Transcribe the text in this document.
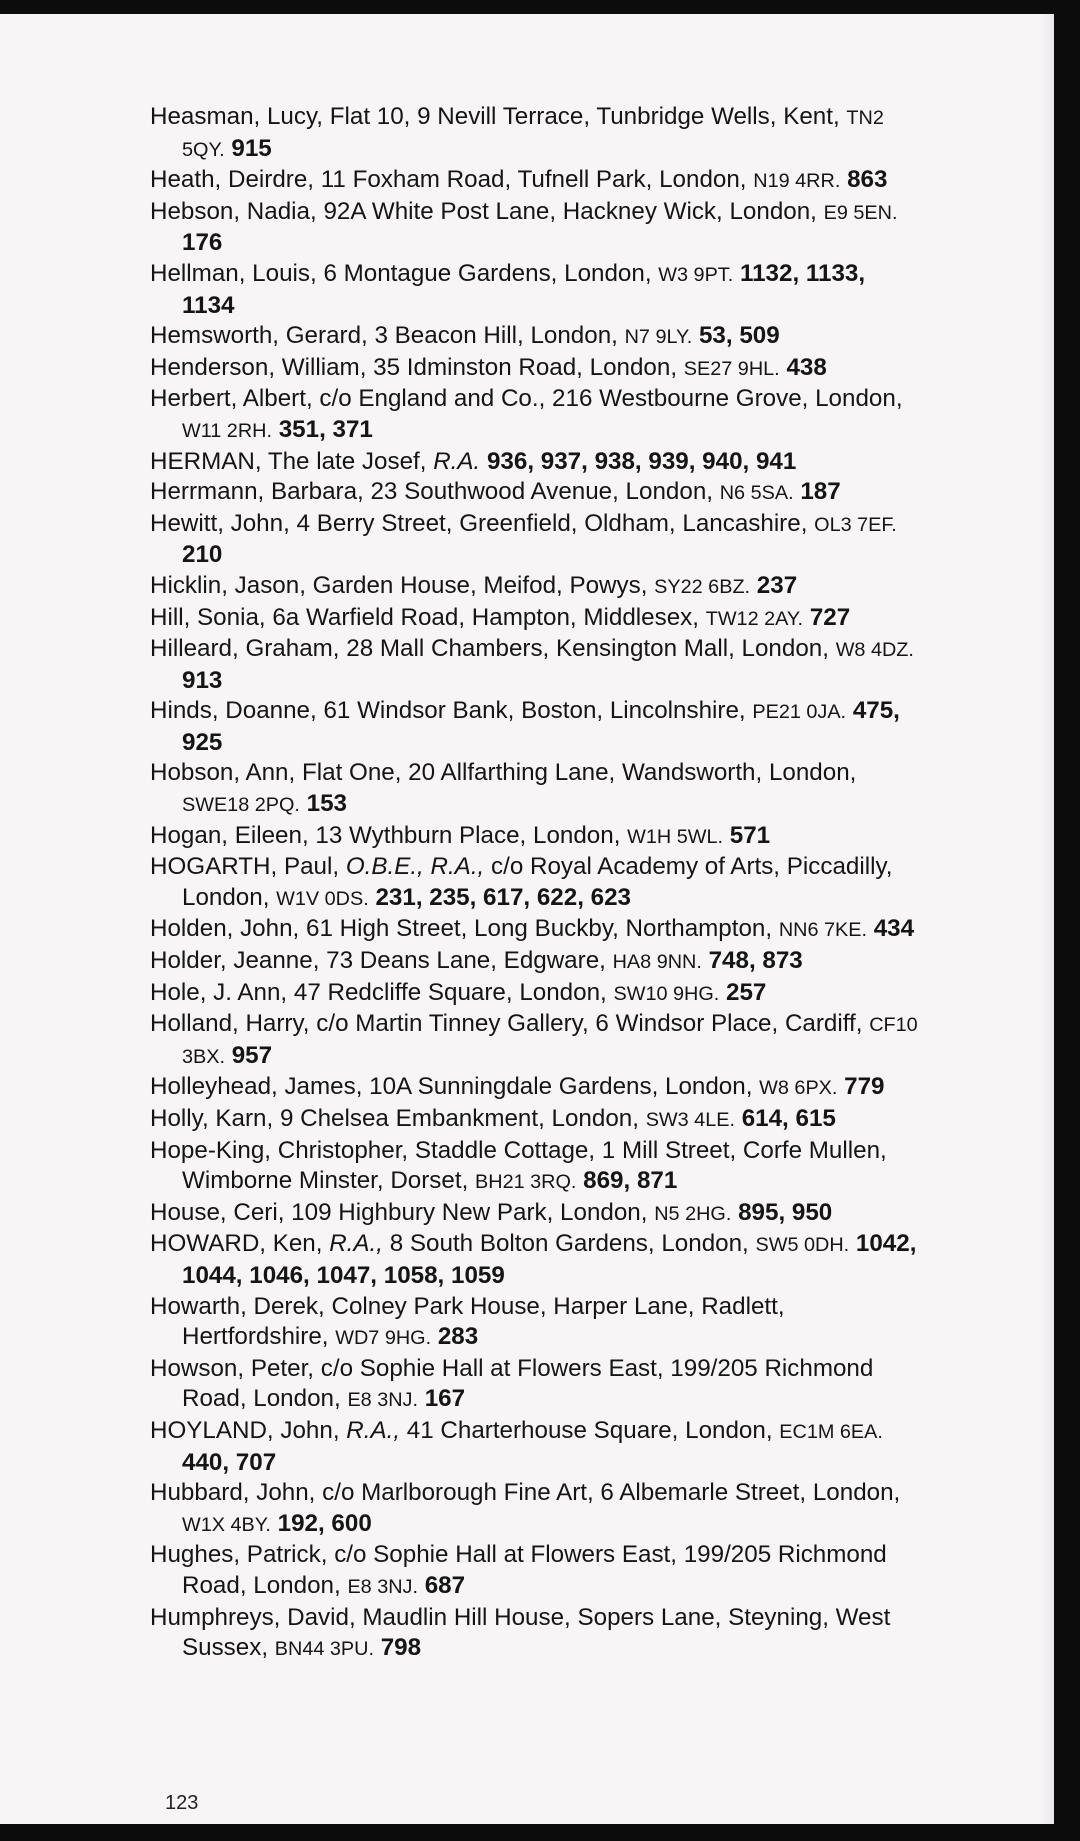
Heasman, Lucy, Flat 10, 9 Nevill Terrace, Tunbridge Wells, Kent, TN2 5QY. 915
Heath, Deirdre, 11 Foxham Road, Tufnell Park, London, N19 4RR. 863
Hebson, Nadia, 92A White Post Lane, Hackney Wick, London, E9 5EN. 176
Hellman, Louis, 6 Montague Gardens, London, W3 9PT. 1132, 1133, 1134
Hemsworth, Gerard, 3 Beacon Hill, London, N7 9LY. 53, 509
Henderson, William, 35 Idminston Road, London, SE27 9HL. 438
Herbert, Albert, c/o England and Co., 216 Westbourne Grove, London, W11 2RH. 351, 371
HERMAN, The late Josef, R.A. 936, 937, 938, 939, 940, 941
Herrmann, Barbara, 23 Southwood Avenue, London, N6 5SA. 187
Hewitt, John, 4 Berry Street, Greenfield, Oldham, Lancashire, OL3 7EF. 210
Hicklin, Jason, Garden House, Meifod, Powys, SY22 6BZ. 237
Hill, Sonia, 6a Warfield Road, Hampton, Middlesex, TW12 2AY. 727
Hilleard, Graham, 28 Mall Chambers, Kensington Mall, London, W8 4DZ. 913
Hinds, Doanne, 61 Windsor Bank, Boston, Lincolnshire, PE21 0JA. 475, 925
Hobson, Ann, Flat One, 20 Allfarthing Lane, Wandsworth, London, SWE18 2PQ. 153
Hogan, Eileen, 13 Wythburn Place, London, W1H 5WL. 571
HOGARTH, Paul, O.B.E., R.A., c/o Royal Academy of Arts, Piccadilly, London, W1V 0DS. 231, 235, 617, 622, 623
Holden, John, 61 High Street, Long Buckby, Northampton, NN6 7KE. 434
Holder, Jeanne, 73 Deans Lane, Edgware, HA8 9NN. 748, 873
Hole, J. Ann, 47 Redcliffe Square, London, SW10 9HG. 257
Holland, Harry, c/o Martin Tinney Gallery, 6 Windsor Place, Cardiff, CF10 3BX. 957
Holleyhead, James, 10A Sunningdale Gardens, London, W8 6PX. 779
Holly, Karn, 9 Chelsea Embankment, London, SW3 4LE. 614, 615
Hope-King, Christopher, Staddle Cottage, 1 Mill Street, Corfe Mullen, Wimborne Minster, Dorset, BH21 3RQ. 869, 871
House, Ceri, 109 Highbury New Park, London, N5 2HG. 895, 950
HOWARD, Ken, R.A., 8 South Bolton Gardens, London, SW5 0DH. 1042, 1044, 1046, 1047, 1058, 1059
Howarth, Derek, Colney Park House, Harper Lane, Radlett, Hertfordshire, WD7 9HG. 283
Howson, Peter, c/o Sophie Hall at Flowers East, 199/205 Richmond Road, London, E8 3NJ. 167
HOYLAND, John, R.A., 41 Charterhouse Square, London, EC1M 6EA. 440, 707
Hubbard, John, c/o Marlborough Fine Art, 6 Albemarle Street, London, W1X 4BY. 192, 600
Hughes, Patrick, c/o Sophie Hall at Flowers East, 199/205 Richmond Road, London, E8 3NJ. 687
Humphreys, David, Maudlin Hill House, Sopers Lane, Steyning, West Sussex, BN44 3PU. 798
123
